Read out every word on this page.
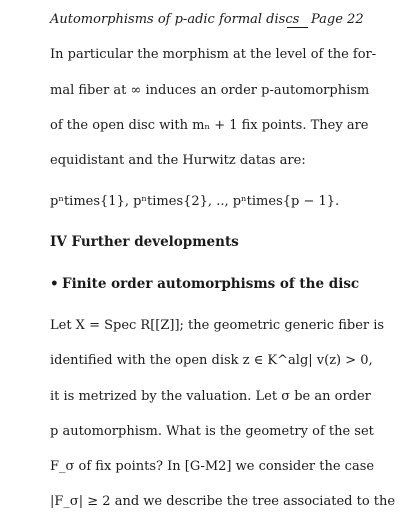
Automorphisms of p-adic formal discs Page 22
In particular the morphism at the level of the for-
mal fiber at ∞ induces an order p-automorphism
of the open disc with mₙ + 1 fix points. They are
equidistant and the Hurwitz datas are:
pⁿtimes{1}, pⁿtimes{2}, .., pⁿtimes{p − 1}.
IV Further developments
• Finite order automorphisms of the disc
Let X = Spec R[[Z]]; the geometric generic fiber is
identified with the open disk z ∈ K^alg| v(z) > 0,
it is metrized by the valuation. Let σ be an order
p automorphism. What is the geometry of the set
F_σ of fix points? In [G-M2] we consider the case
|F_σ| ≥ 2 and we describe the tree associated to the
